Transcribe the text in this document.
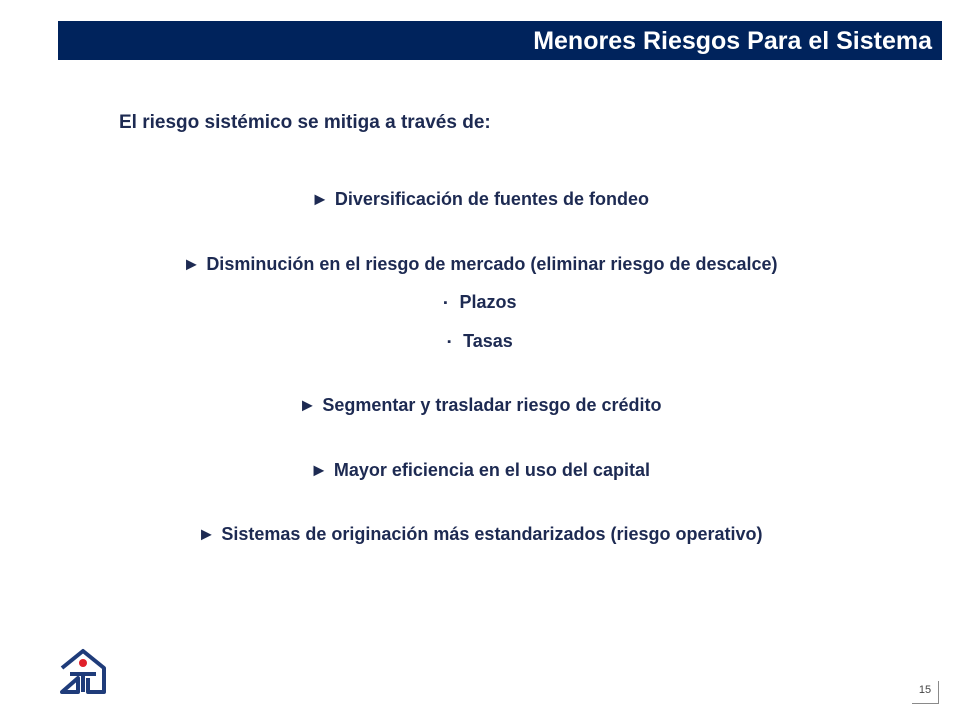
Menores Riesgos Para el Sistema
El riesgo sistémico se mitiga a través de:
► Diversificación de fuentes de fondeo
► Disminución en el riesgo de mercado (eliminar riesgo de descalce)
▪ Plazos
▪ Tasas
► Segmentar y trasladar riesgo de crédito
► Mayor eficiencia en el uso del capital
► Sistemas de originación más estandarizados (riesgo operativo)
15
